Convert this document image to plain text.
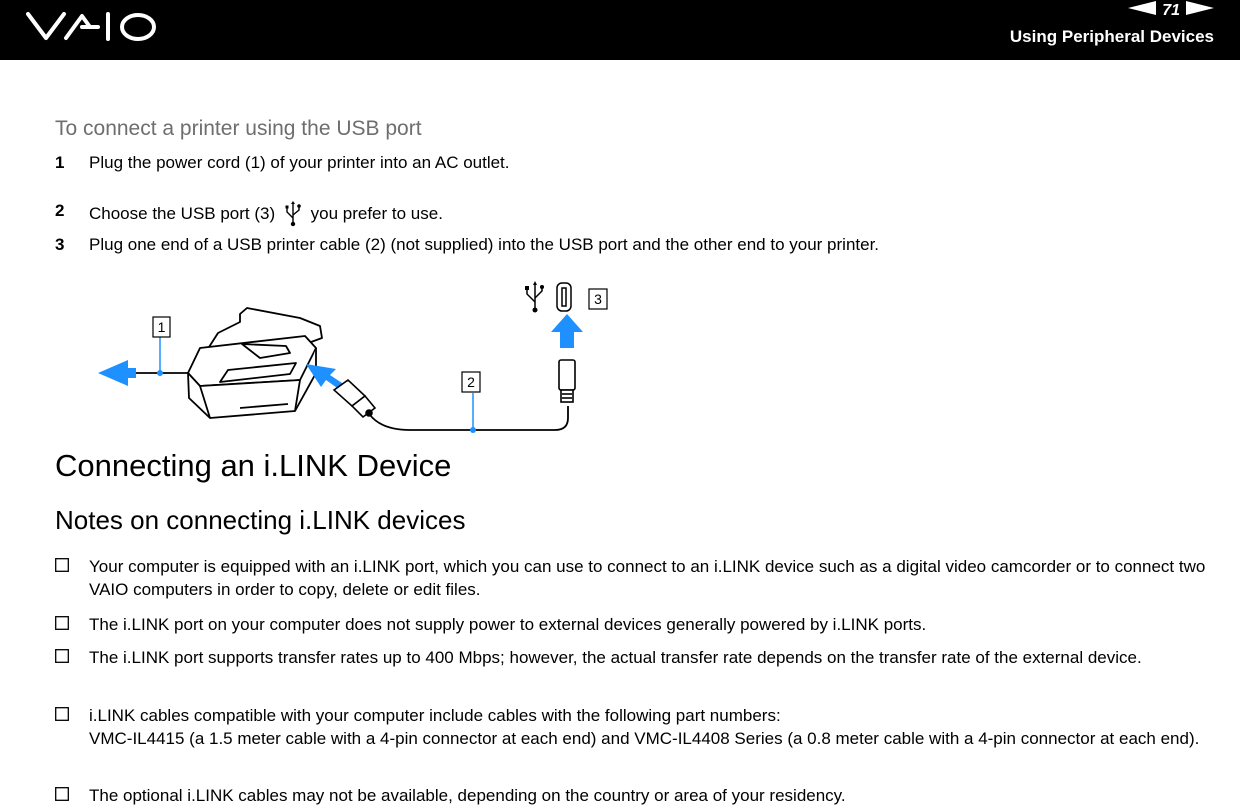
VAIO	71
Using Peripheral Devices
To connect a printer using the USB port
1 Plug the power cord (1) of your printer into an AC outlet.
2 Choose the USB port (3) you prefer to use.
3 Plug one end of a USB printer cable (2) (not supplied) into the USB port and the other end to your printer.
1
2
3
Connecting an i.LINK Device
Notes on connecting i.LINK devices
Your computer is equipped with an i.LINK port, which you can use to connect to an i.LINK device such as a digital video camcorder or to connect two VAIO computers in order to copy, delete or edit files.
The i.LINK port on your computer does not supply power to external devices generally powered by i.LINK ports.
The i.LINK port supports transfer rates up to 400 Mbps; however, the actual transfer rate depends on the transfer rate of the external device.
i.LINK cables compatible with your computer include cables with the following part numbers:
VMC-IL4415 (a 1.5 meter cable with a 4-pin connector at each end) and VMC-IL4408 Series (a 0.8 meter cable with a 4-pin connector at each end).
The optional i.LINK cables may not be available, depending on the country or area of your residency.
